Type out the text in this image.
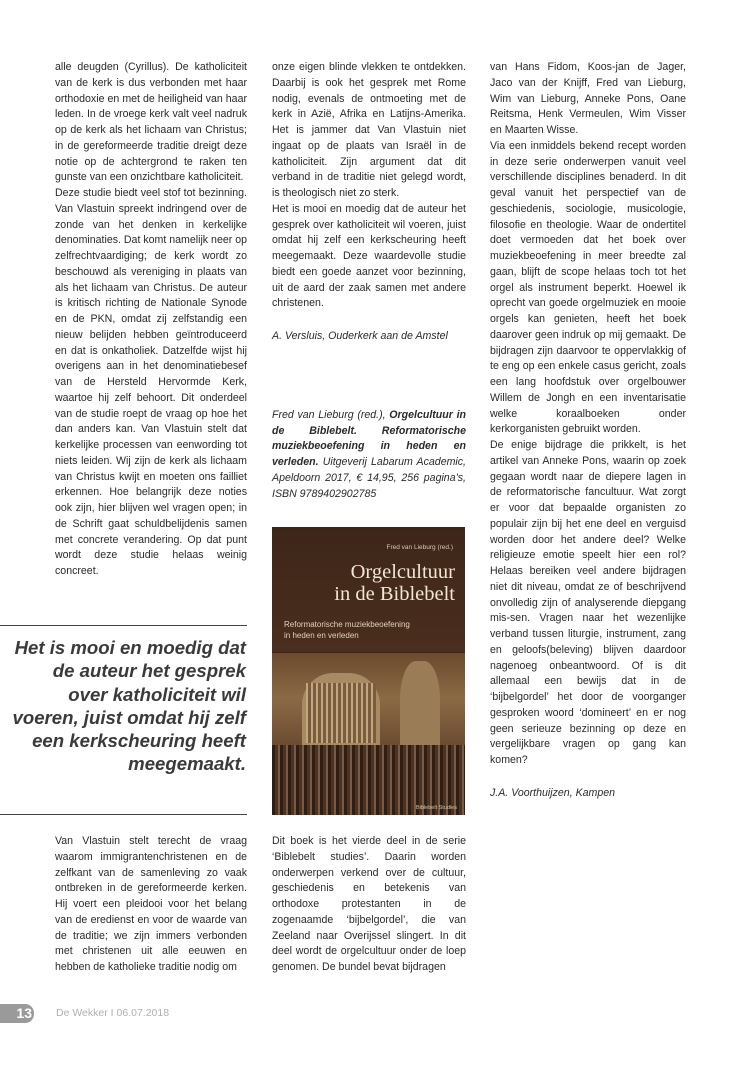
alle deugden (Cyrillus). De katholiciteit van de kerk is dus verbonden met haar orthodoxie en met de heiligheid van haar leden. In de vroege kerk valt veel nadruk op de kerk als het lichaam van Christus; in de gereformeerde traditie dreigt deze notie op de achtergrond te raken ten gunste van een onzichtbare katholiciteit.

Deze studie biedt veel stof tot bezinning. Van Vlastuin spreekt indringend over de zonde van het denken in kerkelijke denominaties. Dat komt namelijk neer op zelfrechtvaardiging; de kerk wordt zo beschouwd als vereniging in plaats van als het lichaam van Christus. De auteur is kritisch richting de Nationale Synode en de PKN, omdat zij zelfstandig een nieuw belijden hebben geïntroduceerd en dat is onkatholiek. Datzelfde wijst hij overigens aan in het denominatiebesef van de Hersteld Hervormde Kerk, waartoe hij zelf behoort. Dit onderdeel van de studie roept de vraag op hoe het dan anders kan. Van Vlastuin stelt dat kerkelijke processen van eenwording tot niets leiden. Wij zijn de kerk als lichaam van Christus kwijt en moeten ons failliet erkennen. Hoe belangrijk deze noties ook zijn, hier blijven wel vragen open; in de Schrift gaat schuldbelijdenis samen met concrete verandering. Op dat punt wordt deze studie helaas weinig concreet.

Het is mooi en moedig dat de auteur het gesprek over katholiciteit wil voeren, juist omdat hij zelf een kerkscheuring heeft meegemaakt.

Van Vlastuin stelt terecht de vraag waarom immigrantenchristenen en de zelfkant van de samenleving zo vaak ontbreken in de gereformeerde kerken. Hij voert een pleidooi voor het belang van de eredienst en voor de waarde van de traditie; we zijn immers verbonden met christenen uit alle eeuwen en hebben de katholieke traditie nodig om

onze eigen blinde vlekken te ontdekken. Daarbij is ook het gesprek met Rome nodig, evenals de ontmoeting met de kerk in Azië, Afrika en Latijns-Amerika. Het is jammer dat Van Vlastuin niet ingaat op de plaats van Israël in de katholiciteit. Zijn argument dat dit verband in de traditie niet gelegd wordt, is theologisch niet zo sterk.

Het is mooi en moedig dat de auteur het gesprek over katholiciteit wil voeren, juist omdat hij zelf een kerkscheuring heeft meegemaakt. Deze waardevolle studie biedt een goede aanzet voor bezinning, uit de aard der zaak samen met andere christenen.

A. Versluis, Ouderkerk aan de Amstel

Fred van Lieburg (red.), Orgelcultuur in de Biblebelt. Reformatorische muziekbeoefening in heden en verleden. Uitgeverij Labarum Academic, Apeldoorn 2017, € 14,95, 256 pagina’s, ISBN 9789402902785

Fred van Lieburg (red.)
Orgelcultuur
in de Biblebelt
Reformatorische muziekbeoefening
in heden en verleden
Biblebelt Studies

Dit boek is het vierde deel in de serie ‘Biblebelt studies’. Daarin worden onderwerpen verkend over de cultuur, geschiedenis en betekenis van orthodoxe protestanten in de zogenaamde ‘bijbelgordel’, die van Zeeland naar Overijssel slingert. In dit deel wordt de orgelcultuur onder de loep genomen. De bundel bevat bijdragen

van Hans Fidom, Koos-jan de Jager, Jaco van der Knijff, Fred van Lieburg, Wim van Lieburg, Anneke Pons, Oane Reitsma, Henk Vermeulen, Wim Visser en Maarten Wisse.

Via een inmiddels bekend recept worden in deze serie onderwerpen vanuit veel verschillende disciplines benaderd. In dit geval vanuit het perspectief van de geschiedenis, sociologie, musicologie, filosofie en theologie. Waar de ondertitel doet vermoeden dat het boek over muziekbeoefening in meer breedte zal gaan, blijft de scope helaas toch tot het orgel als instrument beperkt. Hoewel ik oprecht van goede orgelmuziek en mooie orgels kan genieten, heeft het boek daarover geen indruk op mij gemaakt. De bijdragen zijn daarvoor te oppervlakkig of te eng op een enkele casus gericht, zoals een lang hoofdstuk over orgelbouwer Willem de Jongh en een inventarisatie welke koraalboeken onder kerkorganisten gebruikt worden.

De enige bijdrage die prikkelt, is het artikel van Anneke Pons, waarin op zoek gegaan wordt naar de diepere lagen in de reformatorische fancultuur. Wat zorgt er voor dat bepaalde organisten zo populair zijn bij het ene deel en verguisd worden door het andere deel? Welke religieuze emotie speelt hier een rol? Helaas bereiken veel andere bijdragen niet dit niveau, omdat ze of beschrijvend onvolledig zijn of analyserende diepgang mis-sen. Vragen naar het wezenlijke verband tussen liturgie, instrument, zang en geloofs(beleving) blijven daardoor nagenoeg onbeantwoord. Of is dit allemaal een bewijs dat in de ‘bijbelgordel’ het door de voorganger gesproken woord ‘domineert’ en er nog geen serieuze bezinning op deze en vergelijkbare vragen op gang kan komen?

J.A. Voorthuijzen, Kampen

13 De Wekker I 06.07.2018
